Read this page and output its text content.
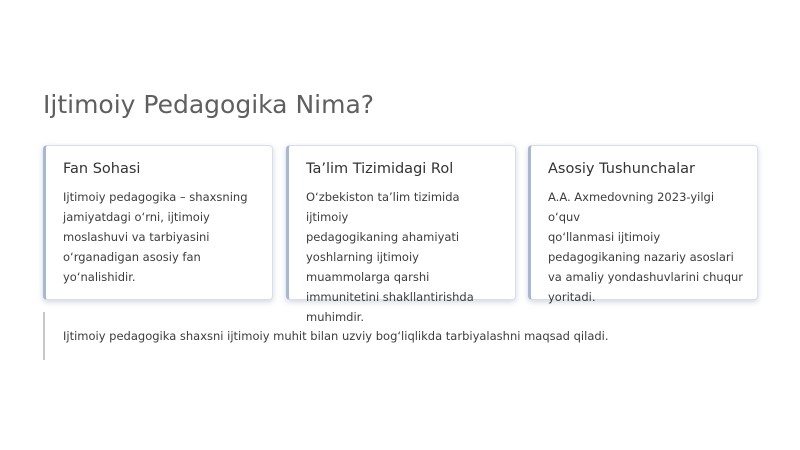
Ijtimoiy Pedagogika Nima?
Fan Sohasi
Ijtimoiy pedagogika – shaxsning
jamiyatdagi o‘rni, ijtimoiy
moslashuvi va tarbiyasini
o‘rganadigan asosiy fan
yo‘nalishidir.
Ta’lim Tizimidagi Rol
O‘zbekiston ta’lim tizimida ijtimoiy
pedagogikaning ahamiyati
yoshlarning ijtimoiy
muammolarga qarshi
immunitetini shakllantirishda
muhimdir.
Asosiy Tushunchalar
A.A. Axmedovning 2023-yilgi o‘quv
qo‘llanmasi ijtimoiy
pedagogikaning nazariy asoslari
va amaliy yondashuvlarini chuqur
yoritadi.
Ijtimoiy pedagogika shaxsni ijtimoiy muhit bilan uzviy bog‘liqlikda tarbiyalashni maqsad qiladi.
